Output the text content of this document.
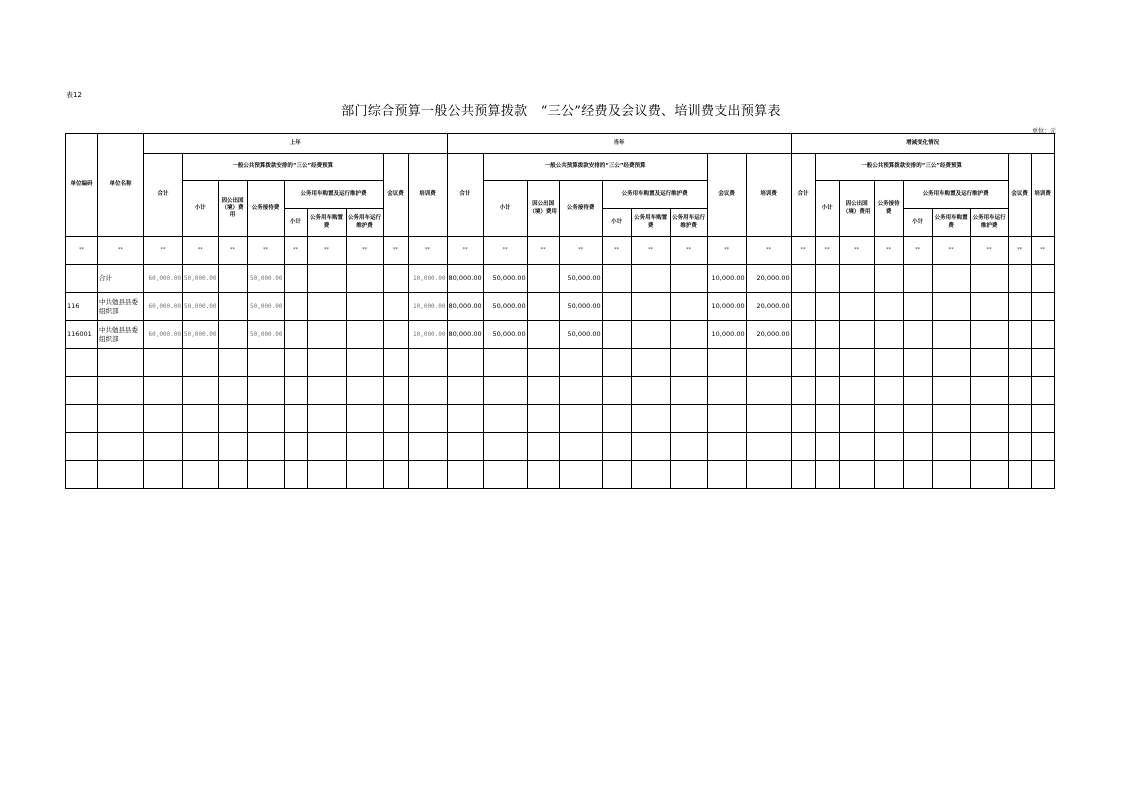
表12
部门综合预算一般公共预算拨款　“三公”经费及会议费、培训费支出预算表
单位：元
单位编码	单位名称	上年									当年									增减变化情况								
		合计	一般公共预算拨款安排的“三公”经费预算						会议费	培训费	合计	一般公共预算拨款安排的“三公”经费预算						会议费	培训费	合计	一般公共预算拨款安排的“三公”经费预算						会议费	培训费
			小计	因公出国（境）费用	公务接待费	公务用车购置及运行维护费						小计	因公出国（境）费用	公务接待费	公务用车购置及运行维护费						小计	因公出国（境）费用	公务接待费	公务用车购置及运行维护费				
						小计	公务用车购置费	公务用车运行维护费							小计	公务用车购置费	公务用车运行维护费							小计	公务用车购置费	公务用车运行维护费		
**	**	**	**	**	**	**	**	**	**	**	**	**	**	**	**	**	**	**	**	**	**	**	**	**	**	**	**	**
	合计	60,000.00	50,000.00		50,000.00					10,000.00	80,000.00	50,000.00		50,000.00				10,000.00	20,000.00									
116	中共勉县县委组织部	60,000.00	50,000.00		50,000.00					10,000.00	80,000.00	50,000.00		50,000.00				10,000.00	20,000.00									
116001	中共勉县县委组织部	60,000.00	50,000.00		50,000.00					10,000.00	80,000.00	50,000.00		50,000.00				10,000.00	20,000.00									
